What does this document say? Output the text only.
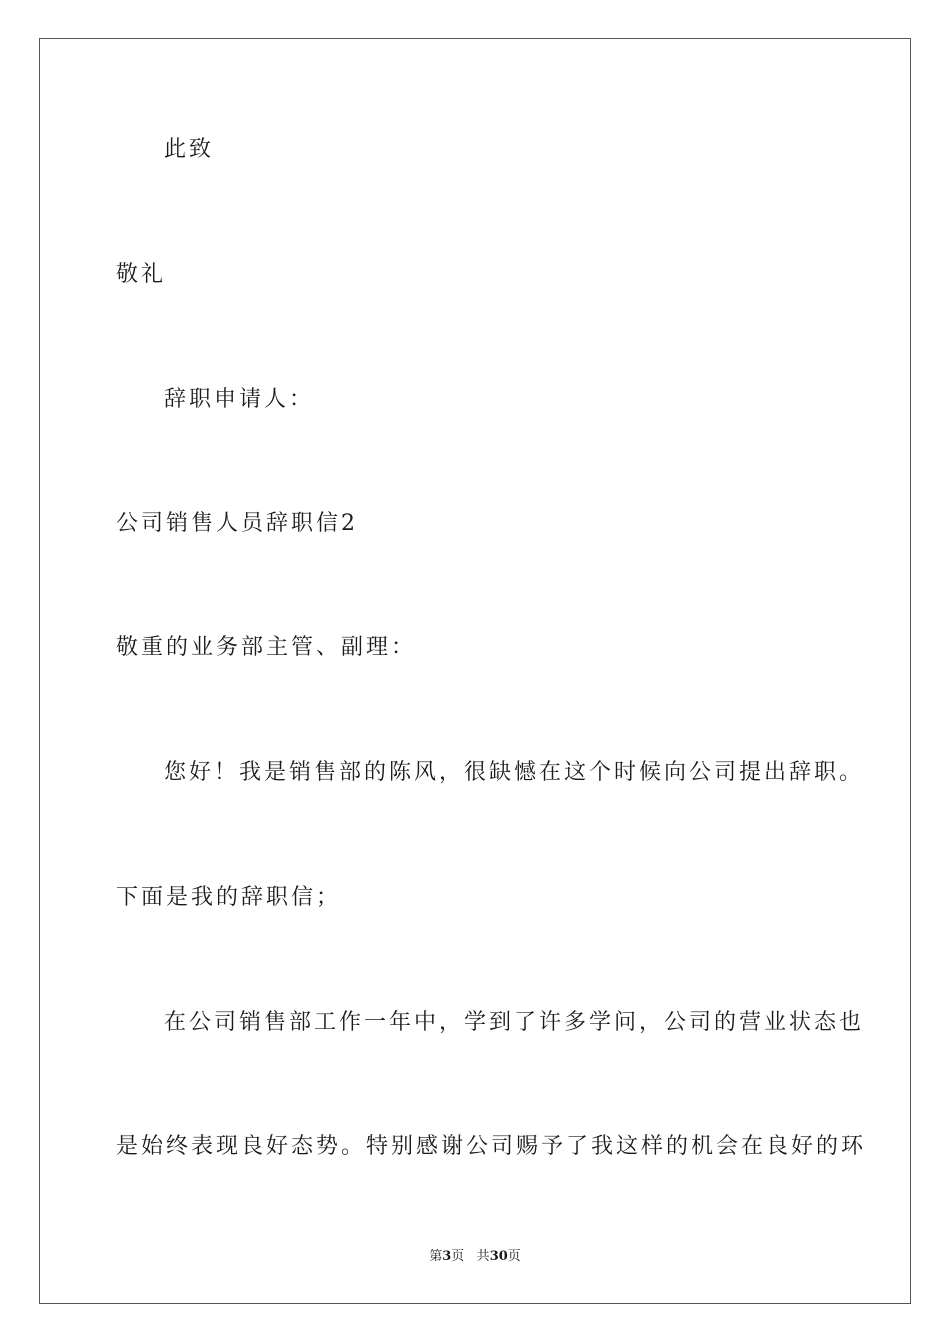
此致

敬礼

辞职申请人：

公司销售人员辞职信2

敬重的业务部主管、副理：

您好！我是销售部的陈风，很缺憾在这个时候向公司提出辞职。

下面是我的辞职信；

在公司销售部工作一年中，学到了许多学问，公司的营业状态也

是始终表现良好态势。特别感谢公司赐予了我这样的机会在良好的环

第3页 共30页
